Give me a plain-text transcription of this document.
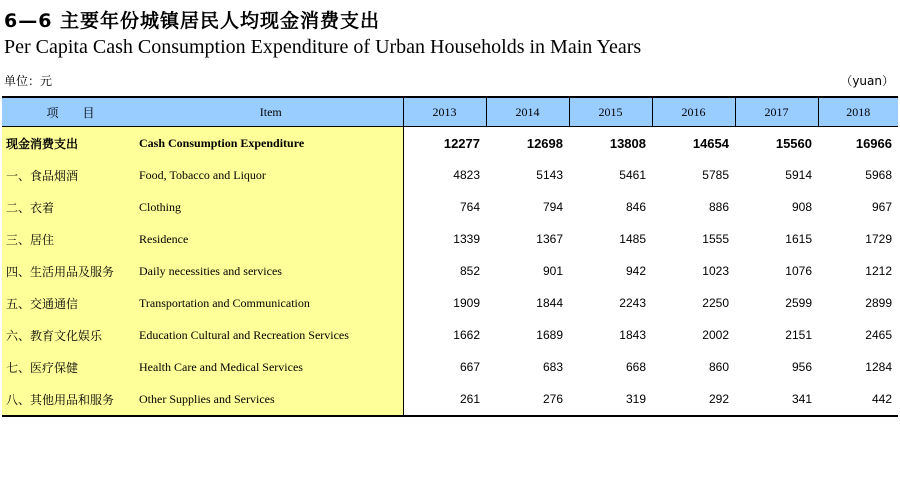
6—6 主要年份城镇居民人均现金消费支出
Per Capita Cash Consumption Expenditure of Urban Households in Main Years
单位：元	（yuan）
项　　目	Item	2013	2014	2015	2016	2017	2018
现金消费支出	Cash Consumption Expenditure	12277	12698	13808	14654	15560	16966
一、食品烟酒	Food, Tobacco and Liquor	4823	5143	5461	5785	5914	5968
二、衣着	Clothing	764	794	846	886	908	967
三、居住	Residence	1339	1367	1485	1555	1615	1729
四、生活用品及服务	Daily necessities and services	852	901	942	1023	1076	1212
五、交通通信	Transportation and Communication	1909	1844	2243	2250	2599	2899
六、教育文化娱乐	Education Cultural and Recreation Services	1662	1689	1843	2002	2151	2465
七、医疗保健	Health Care and Medical Services	667	683	668	860	956	1284
八、其他用品和服务	Other Supplies and Services	261	276	319	292	341	442
